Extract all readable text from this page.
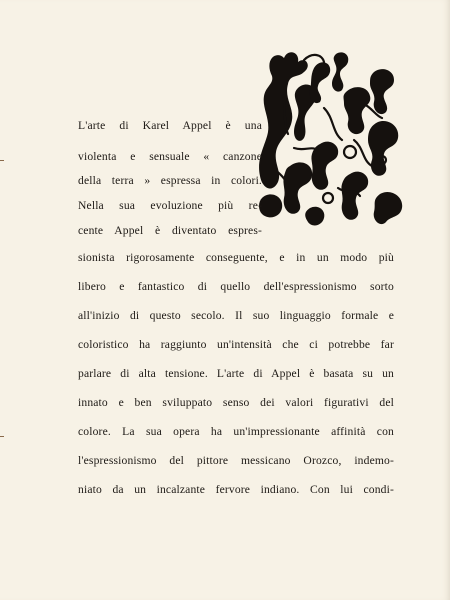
L'arte di Karel Appel è una
violenta e sensuale « canzone
della terra » espressa in colori.
Nella sua evoluzione più re-
cente Appel è diventato espres-
sionista rigorosamente conseguente, e in un modo più
libero e fantastico di quello dell'espressionismo sorto
all'inizio di questo secolo. Il suo linguaggio formale e
coloristico ha raggiunto un'intensità che ci potrebbe far
parlare di alta tensione. L'arte di Appel è basata su un
innato e ben sviluppato senso dei valori figurativi del
colore. La sua opera ha un'impressionante affinità con
l'espressionismo del pittore messicano Orozco, indemo-
niato da un incalzante fervore indiano. Con lui condi-
